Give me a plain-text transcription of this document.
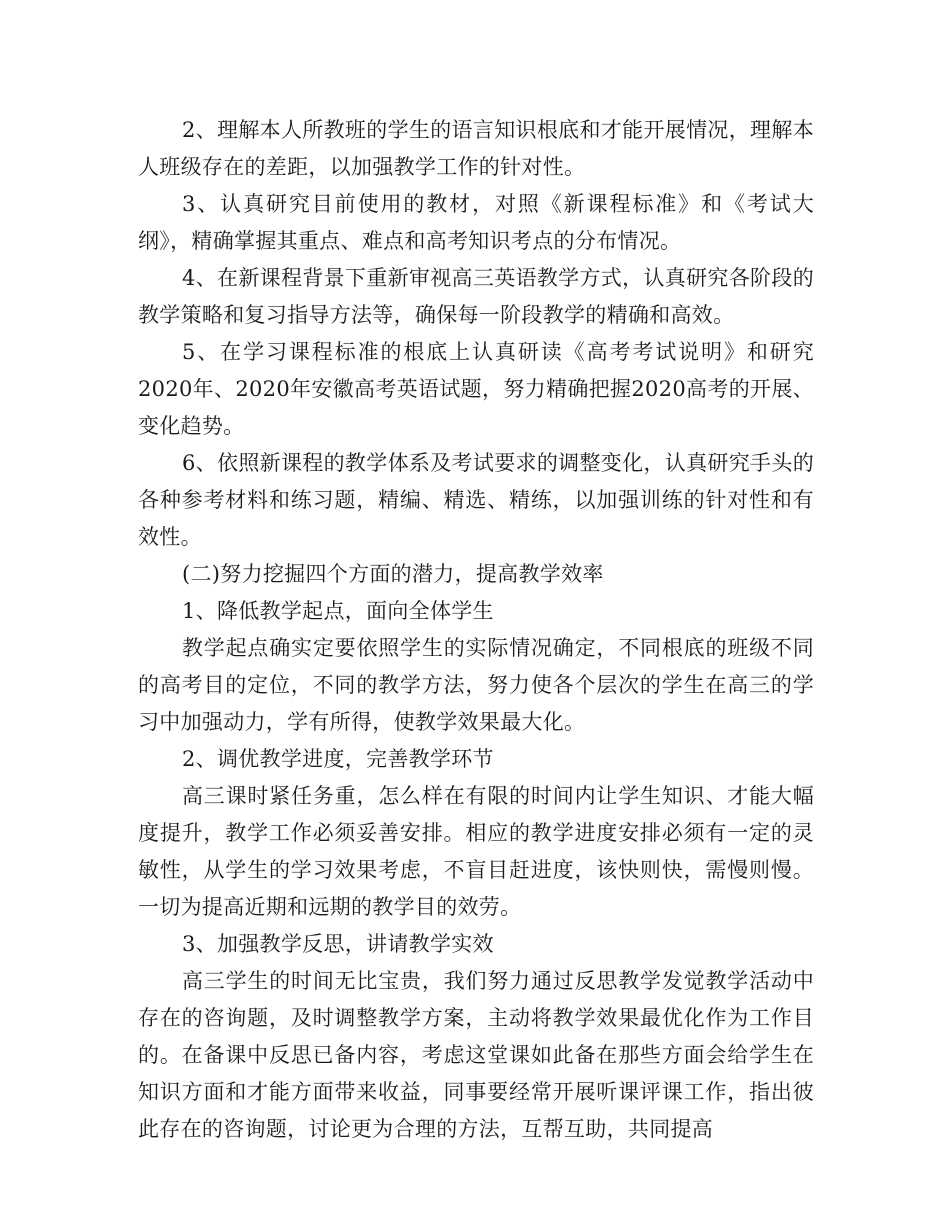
2、理解本人所教班的学生的语言知识根底和才能开展情况，理解本人班级存在的差距，以加强教学工作的针对性。

3、认真研究目前使用的教材，对照《新课程标准》和《考试大纲》，精确掌握其重点、难点和高考知识考点的分布情况。

4、在新课程背景下重新审视高三英语教学方式，认真研究各阶段的教学策略和复习指导方法等，确保每一阶段教学的精确和高效。

5、在学习课程标准的根底上认真研读《高考考试说明》和研究2020年、2020年安徽高考英语试题，努力精确把握2020高考的开展、变化趋势。

6、依照新课程的教学体系及考试要求的调整变化，认真研究手头的各种参考材料和练习题，精编、精选、精练，以加强训练的针对性和有效性。

(二)努力挖掘四个方面的潜力，提高教学效率

1、降低教学起点，面向全体学生

教学起点确实定要依照学生的实际情况确定，不同根底的班级不同的高考目的定位，不同的教学方法，努力使各个层次的学生在高三的学习中加强动力，学有所得，使教学效果最大化。

2、调优教学进度，完善教学环节

高三课时紧任务重，怎么样在有限的时间内让学生知识、才能大幅度提升，教学工作必须妥善安排。相应的教学进度安排必须有一定的灵敏性，从学生的学习效果考虑，不盲目赶进度，该快则快，需慢则慢。一切为提高近期和远期的教学目的效劳。

3、加强教学反思，讲请教学实效

高三学生的时间无比宝贵，我们努力通过反思教学发觉教学活动中存在的咨询题，及时调整教学方案，主动将教学效果最优化作为工作目的。在备课中反思已备内容，考虑这堂课如此备在那些方面会给学生在知识方面和才能方面带来收益，同事要经常开展听课评课工作，指出彼此存在的咨询题，讨论更为合理的方法，互帮互助，共同提高
